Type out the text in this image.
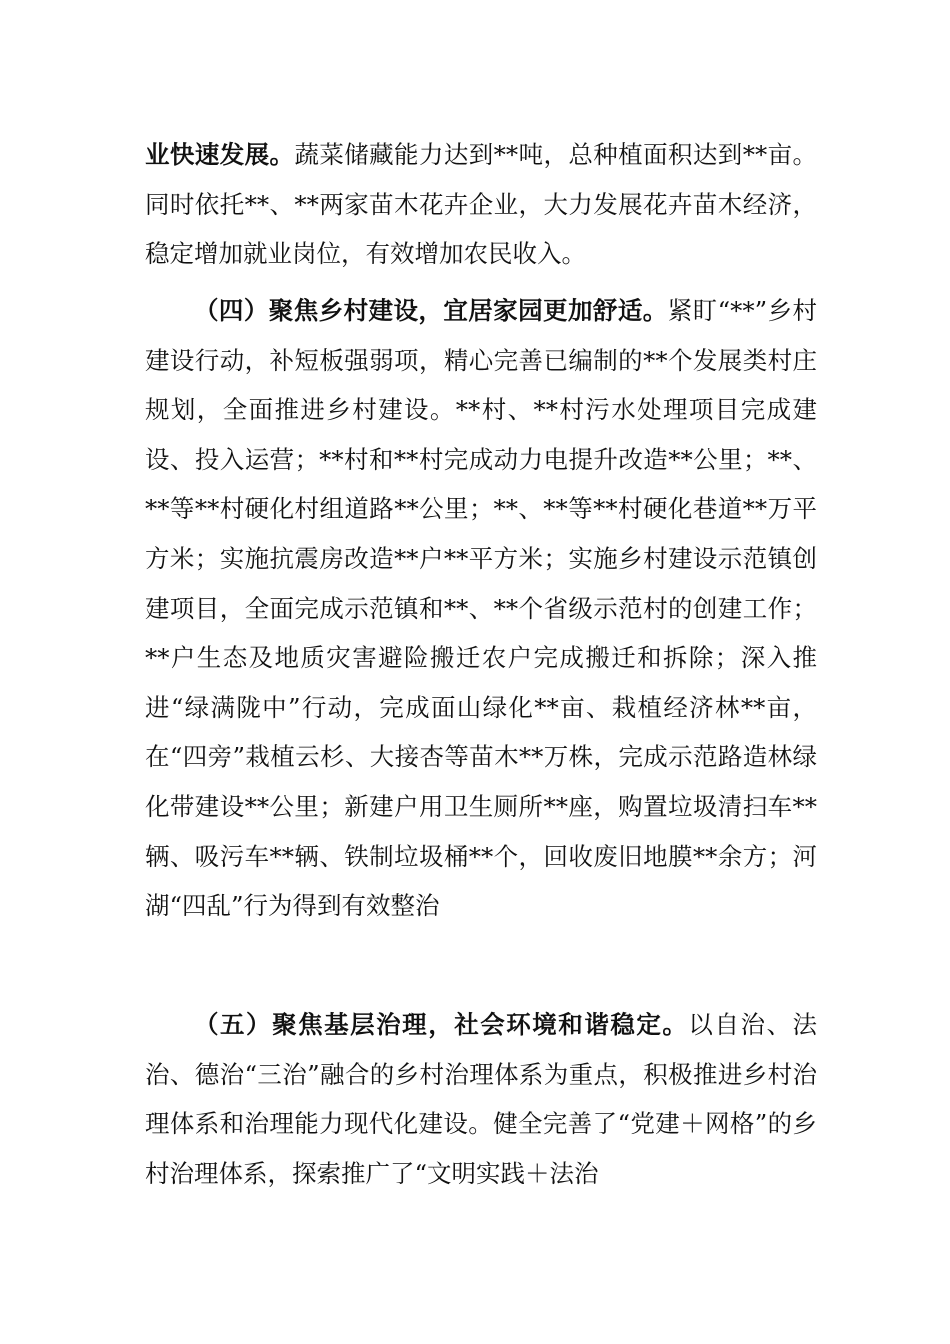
业快速发展。蔬菜储藏能力达到**吨，总种植面积达到**亩。同时依托**、**两家苗木花卉企业，大力发展花卉苗木经济，稳定增加就业岗位，有效增加农民收入。

（四）聚焦乡村建设，宜居家园更加舒适。紧盯“**”乡村建设行动，补短板强弱项，精心完善已编制的**个发展类村庄规划，全面推进乡村建设。**村、**村污水处理项目完成建设、投入运营；**村和**村完成动力电提升改造**公里；**、**等**村硬化村组道路**公里；**、**等**村硬化巷道**万平方米；实施抗震房改造**户**平方米；实施乡村建设示范镇创建项目，全面完成示范镇和**、**个省级示范村的创建工作；**户生态及地质灾害避险搬迁农户完成搬迁和拆除；深入推进“绿满陇中”行动，完成面山绿化**亩、栽植经济林**亩，在“四旁”栽植云杉、大接杏等苗木**万株，完成示范路造林绿化带建设**公里；新建户用卫生厕所**座，购置垃圾清扫车**辆、吸污车**辆、铁制垃圾桶**个，回收废旧地膜**余方；河湖“四乱”行为得到有效整治

（五）聚焦基层治理，社会环境和谐稳定。以自治、法治、德治“三治”融合的乡村治理体系为重点，积极推进乡村治理体系和治理能力现代化建设。健全完善了“党建＋网格”的乡村治理体系，探索推广了“文明实践＋法治
